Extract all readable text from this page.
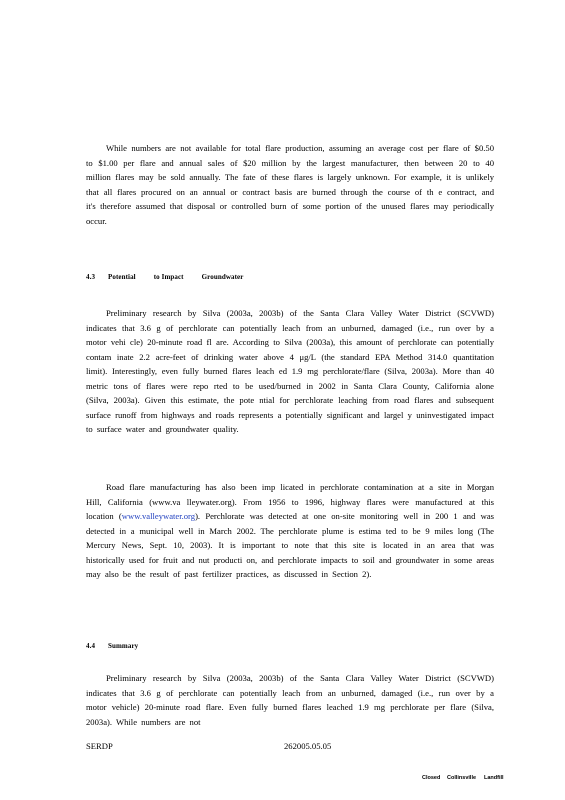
While numbers are not available for total flare production, assuming an average cost per flare of $0.50 to $1.00 per flare and annual sales of $20 million by the largest manufacturer, then between 20 to 40 million flares may be sold annually. The fate of these flares is largely unknown. For example, it is unlikely that all flares procured on an annual or contract basis are burned through the course of th e contract, and it's therefore assumed that disposal or controlled burn of some portion of the unused flares may periodically occur.
4.3 Potential	to Impact	Groundwater
Preliminary research by Silva (2003a, 2003b) of the Santa Clara Valley Water District (SCVWD) indicates that 3.6 g of perchlorate can potentially leach from an unburned, damaged (i.e., run over by a motor vehi cle) 20-minute road fl are. According to Silva (2003a), this amount of perchlorate can potentially contam inate 2.2 acre-feet of drinking water above 4 μg/L (the standard EPA Method 314.0 quantitation limit). Interestingly, even fully burned flares leach ed 1.9 mg perchlorate/flare (Silva, 2003a). More than 40 metric tons of flares were repo rted to be used/burned in 2002 in Santa Clara County, California alone (Silva, 2003a). Given this estimate, the pote ntial for perchlorate leaching from road flares and subsequent surface runoff from highways and roads represents a potentially significant and largel y uninvestigated impact to surface water and groundwater quality.
Road flare manufacturing has also been imp licated in perchlorate contamination at a site in Morgan Hill, California (www.va lleywater.org). From 1956 to 1996, highway flares were manufactured at this location (www.valleywater.org). Perchlorate was detected at one on-site monitoring well in 200 1 and was detected in a municipal well in March 2002. The perchlorate plume is estima ted to be 9 miles long (The Mercury News, Sept. 10, 2003). It is important to note that this site is located in an area that was historically used for fruit and nut producti on, and perchlorate impacts to soil and groundwater in some areas may also be the result of past fertilizer practices, as discussed in Section 2).
4.4 Summary
Preliminary research by Silva (2003a, 2003b) of the Santa Clara Valley Water District (SCVWD) indicates that 3.6 g of perchlorate can potentially leach from an unburned, damaged (i.e., run over by a motor vehicle) 20-minute road flare. Even fully burned flares leached 1.9 mg perchlorate per flare (Silva, 2003a). While numbers are not
SERDP	262005.05.05
Closed Collinsville Landfill
